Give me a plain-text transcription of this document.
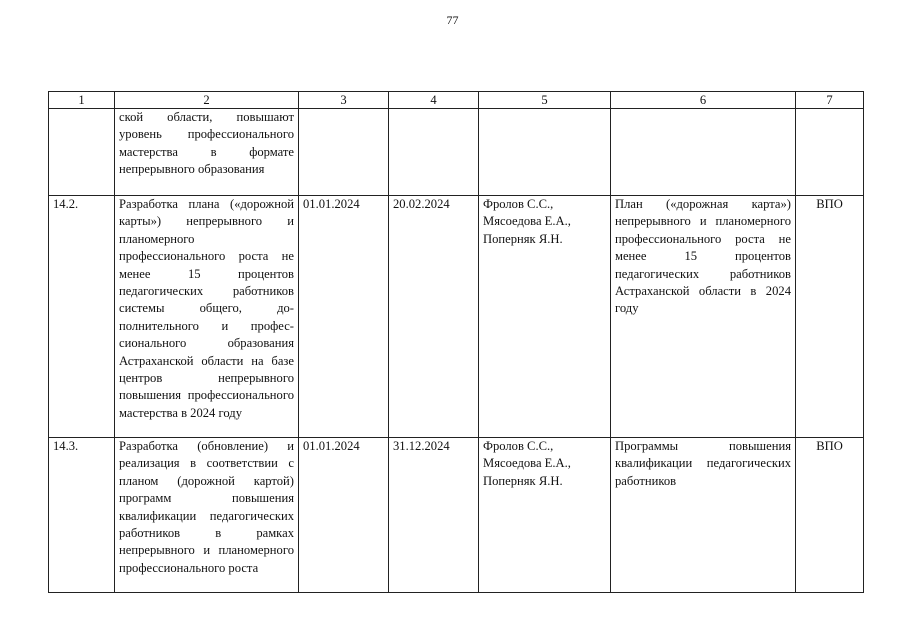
77
1	2	3	4	5	6	7
	ской области, повышают уровень профессионального мастерства в формате непрерывного образования					
14.2.	Разработка плана («дорожной карты») непрерывного и планомерного профессионального роста не менее 15 процентов педагогических работников системы общего, дополнительного и профессионального образования Астраханской области на базе центров непрерывного повышения профессионального мастерства в 2024 году	01.01.2024	20.02.2024	Фролов С.С., Мясоедова Е.А., Поперняк Я.Н.	План («дорожная карта») непрерывного и планомерного профессионального роста не менее 15 процентов педагогических работников Астраханской области в 2024 году	ВПО
14.3.	Разработка (обновление) и реализация в соответствии с планом (дорожной картой) программ повышения квалификации педагогических работников в рамках непрерывного и планомерного профессионального роста	01.01.2024	31.12.2024	Фролов С.С., Мясоедова Е.А., Поперняк Я.Н.	Программы повышения квалификации педагогических работников	ВПО
